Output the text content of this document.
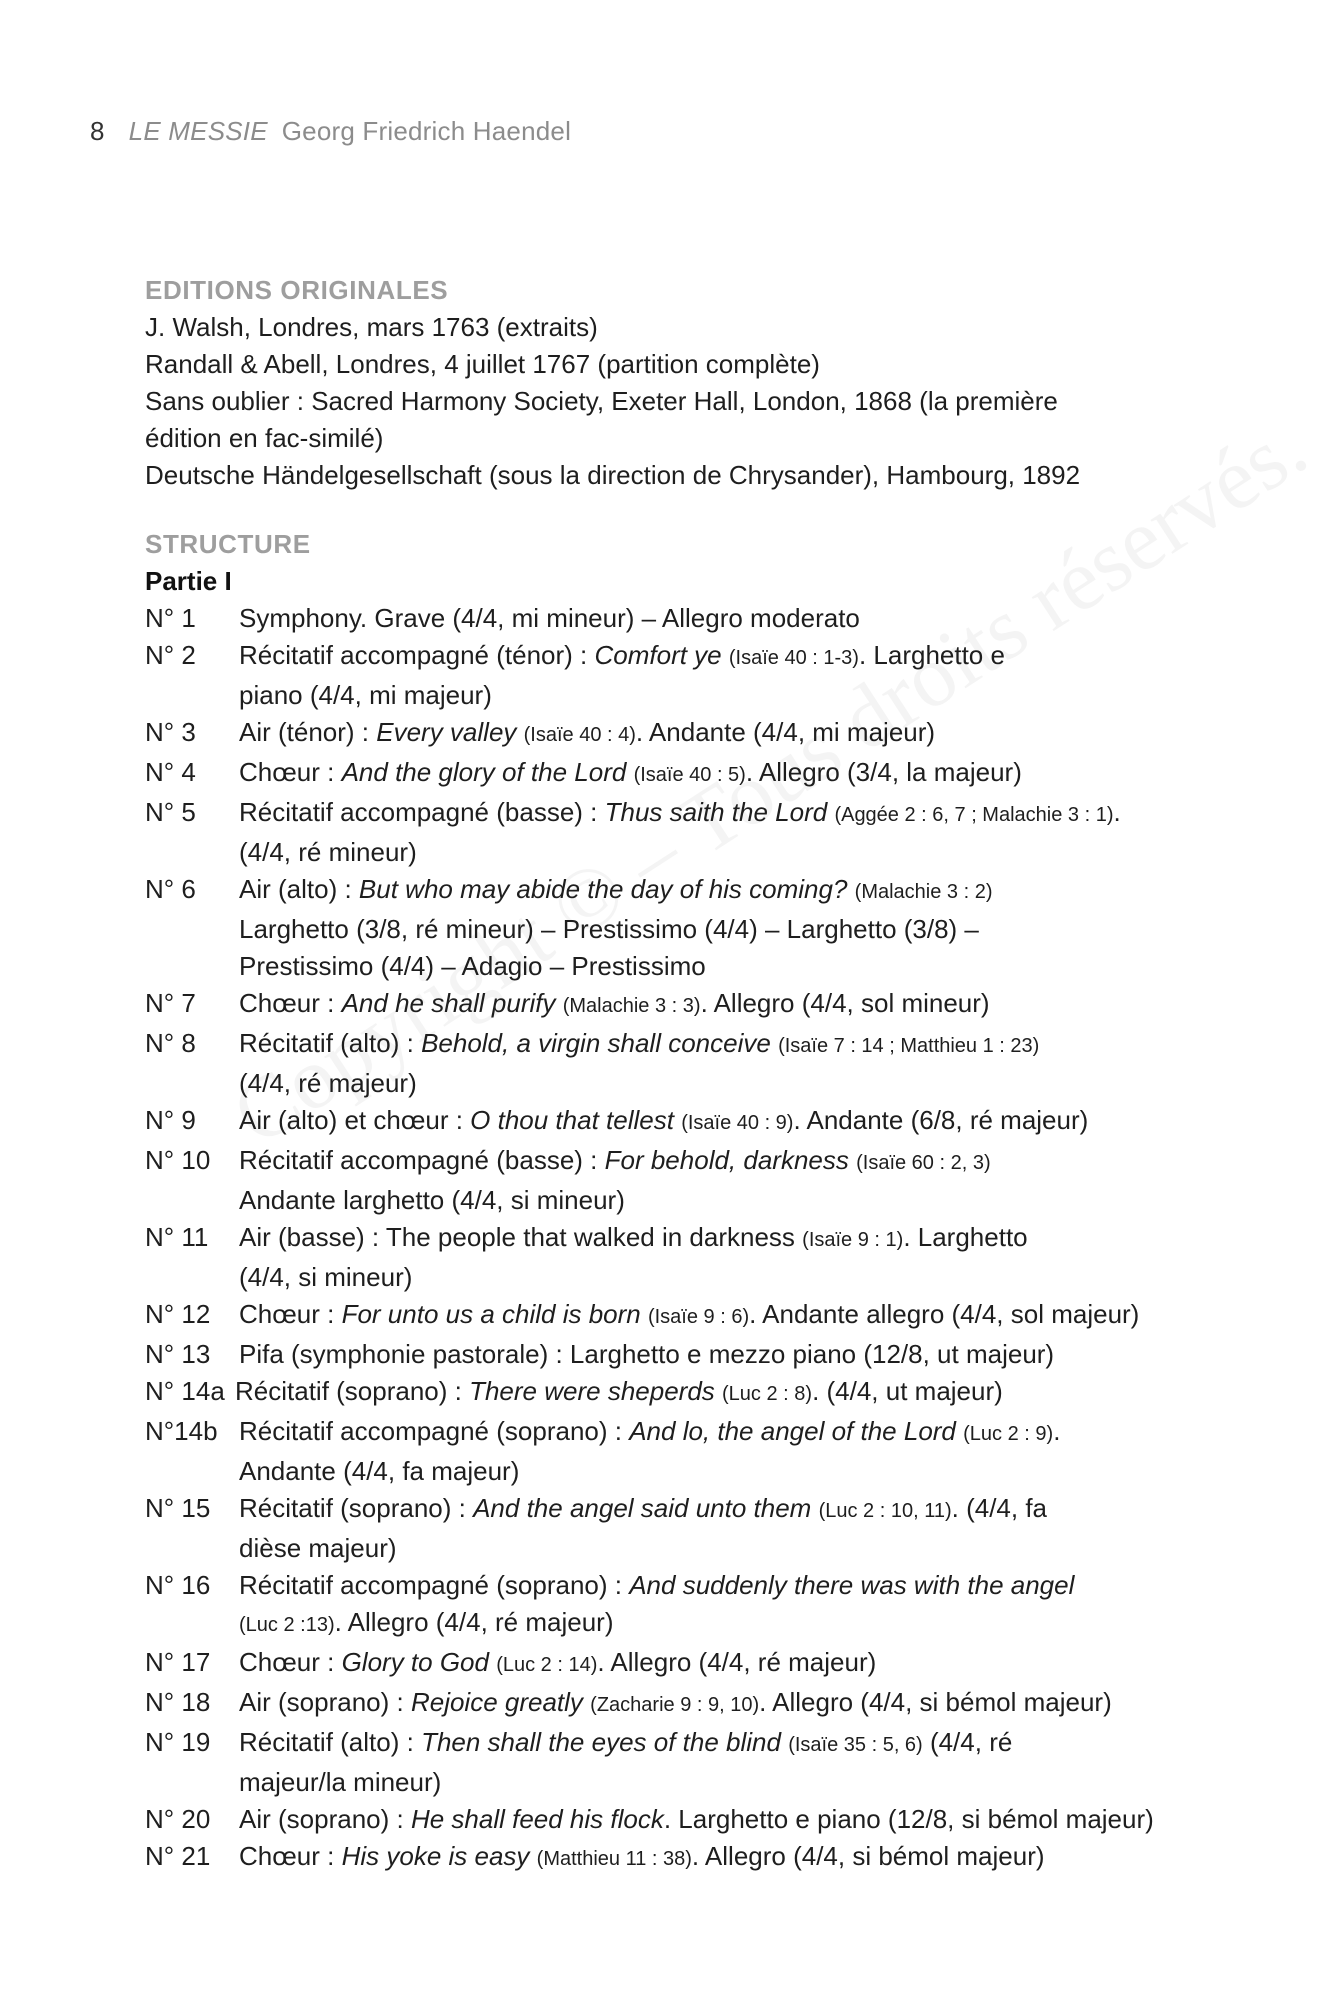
8 LE MESSIE Georg Friedrich Haendel
EDITIONS ORIGINALES
J. Walsh, Londres, mars 1763 (extraits)
Randall & Abell, Londres, 4 juillet 1767 (partition complète)
Sans oublier : Sacred Harmony Society, Exeter Hall, London, 1868 (la première
édition en fac-similé)
Deutsche Händelgesellschaft (sous la direction de Chrysander), Hambourg, 1892
STRUCTURE
Partie I
N° 1	Symphony. Grave (4/4, mi mineur) – Allegro moderato
N° 2	Récitatif accompagné (ténor) : Comfort ye (Isaïe 40 : 1-3). Larghetto e
piano (4/4, mi majeur)
N° 3	Air (ténor) : Every valley (Isaïe 40 : 4). Andante (4/4, mi majeur)
N° 4	Chœur : And the glory of the Lord (Isaïe 40 : 5). Allegro (3/4, la majeur)
N° 5	Récitatif accompagné (basse) : Thus saith the Lord (Aggée 2 : 6, 7 ; Malachie 3 : 1).
(4/4, ré mineur)
N° 6	Air (alto) : But who may abide the day of his coming? (Malachie 3 : 2)
Larghetto (3/8, ré mineur) – Prestissimo (4/4) – Larghetto (3/8) –
Prestissimo (4/4) – Adagio – Prestissimo
N° 7	Chœur : And he shall purify (Malachie 3 : 3). Allegro (4/4, sol mineur)
N° 8	Récitatif (alto) : Behold, a virgin shall conceive (Isaïe 7 : 14 ; Matthieu 1 : 23)
(4/4, ré majeur)
N° 9	Air (alto) et chœur : O thou that tellest (Isaïe 40 : 9). Andante (6/8, ré majeur)
N° 10	Récitatif accompagné (basse) : For behold, darkness (Isaïe 60 : 2, 3)
Andante larghetto (4/4, si mineur)
N° 11	Air (basse) : The people that walked in darkness (Isaïe 9 : 1). Larghetto
(4/4, si mineur)
N° 12	Chœur : For unto us a child is born (Isaïe 9 : 6). Andante allegro (4/4, sol majeur)
N° 13	Pifa (symphonie pastorale) : Larghetto e mezzo piano (12/8, ut majeur)
N° 14a Récitatif (soprano) : There were sheperds (Luc 2 : 8). (4/4, ut majeur)
N°14b Récitatif accompagné (soprano) : And lo, the angel of the Lord (Luc 2 : 9).
Andante (4/4, fa majeur)
N° 15	Récitatif (soprano) : And the angel said unto them (Luc 2 : 10, 11). (4/4, fa
dièse majeur)
N° 16	Récitatif accompagné (soprano) : And suddenly there was with the angel
(Luc 2 :13). Allegro (4/4, ré majeur)
N° 17	Chœur : Glory to God (Luc 2 : 14). Allegro (4/4, ré majeur)
N° 18	Air (soprano) : Rejoice greatly (Zacharie 9 : 9, 10). Allegro (4/4, si bémol majeur)
N° 19	Récitatif (alto) : Then shall the eyes of the blind (Isaïe 35 : 5, 6) (4/4, ré
majeur/la mineur)
N° 20	Air (soprano) : He shall feed his flock. Larghetto e piano (12/8, si bémol majeur)
N° 21	Chœur : His yoke is easy (Matthieu 11 : 38). Allegro (4/4, si bémol majeur)
